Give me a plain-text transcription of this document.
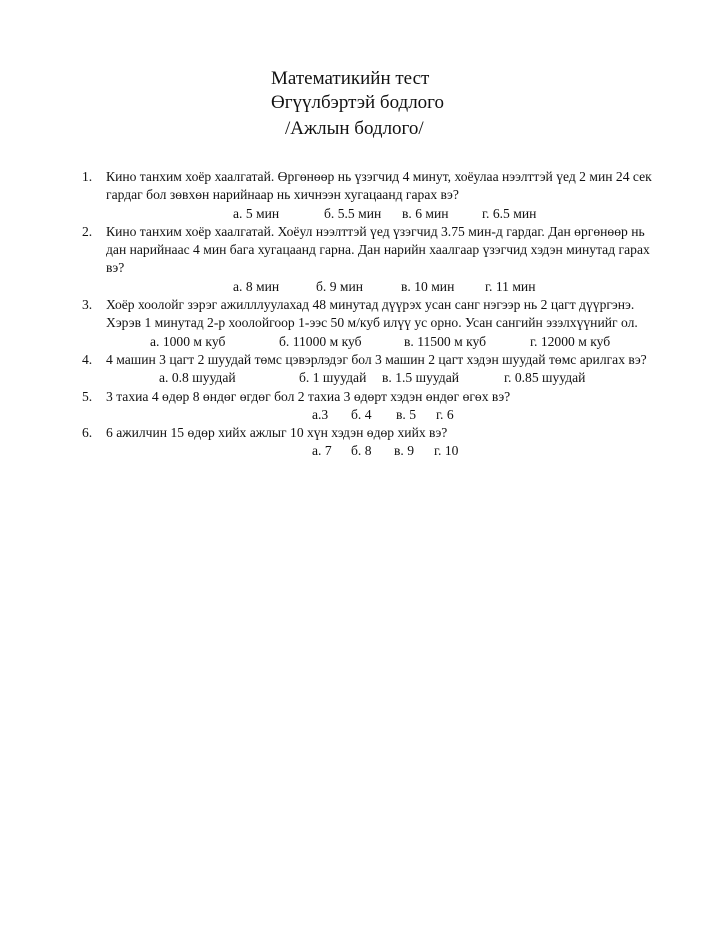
Математикийн тест
Өгүүлбэртэй бодлого
/Ажлын бодлого/
1. Кино танхим хоёр хаалгатай. Өргөнөөр нь үзэгчид 4 минут, хоёулаа нээлттэй үед 2 мин 24 сек гардаг бол зөвхөн нарийнаар нь хичнээн хугацаанд гарах вэ?

а. 5 мин	б. 5.5 мин в. 6 мин г. 6.5 мин
2. Кино танхим хоёр хаалгатай. Хоёул нээлттэй үед үзэгчид 3.75 мин-д гардаг. Дан өргөнөөр нь дан нарийнаас 4 мин бага хугацаанд гарна. Дан нарийн хаалгаар үзэгчид хэдэн минутад гарах вэ?

а. 8 мин	б. 9 мин	в. 10 мин г. 11 мин
3. Хоёр хоолойг зэрэг ажилллуулахад 48 минутад дүүрэх усан санг нэгээр нь 2 цагт дүүргэнэ. Хэрэв 1 минутад 2-р хоолойгоор 1-ээс 50 м/куб илүү ус орно. Усан сангийн эзэлхүүнийг ол.

а. 1000 м куб	б. 11000 м куб	в. 11500 м куб	г. 12000 м куб
4. 4 машин 3 цагт 2 шуудай төмс цэвэрлэдэг бол 3 машин 2 цагт хэдэн шуудай төмс арилгах вэ?

а. 0.8 шуудай	б. 1 шуудай в. 1.5 шуудай	г. 0.85 шуудай
5. 3 тахиа 4 өдөр 8 өндөг өгдөг бол 2 тахиа 3 өдөрт хэдэн өндөг өгөх вэ?

а.3 б. 4 в. 5 г. 6
6. 6 ажилчин 15 өдөр хийх ажлыг 10 хүн хэдэн өдөр хийх вэ?

а. 7 б. 8 в. 9 г. 10
